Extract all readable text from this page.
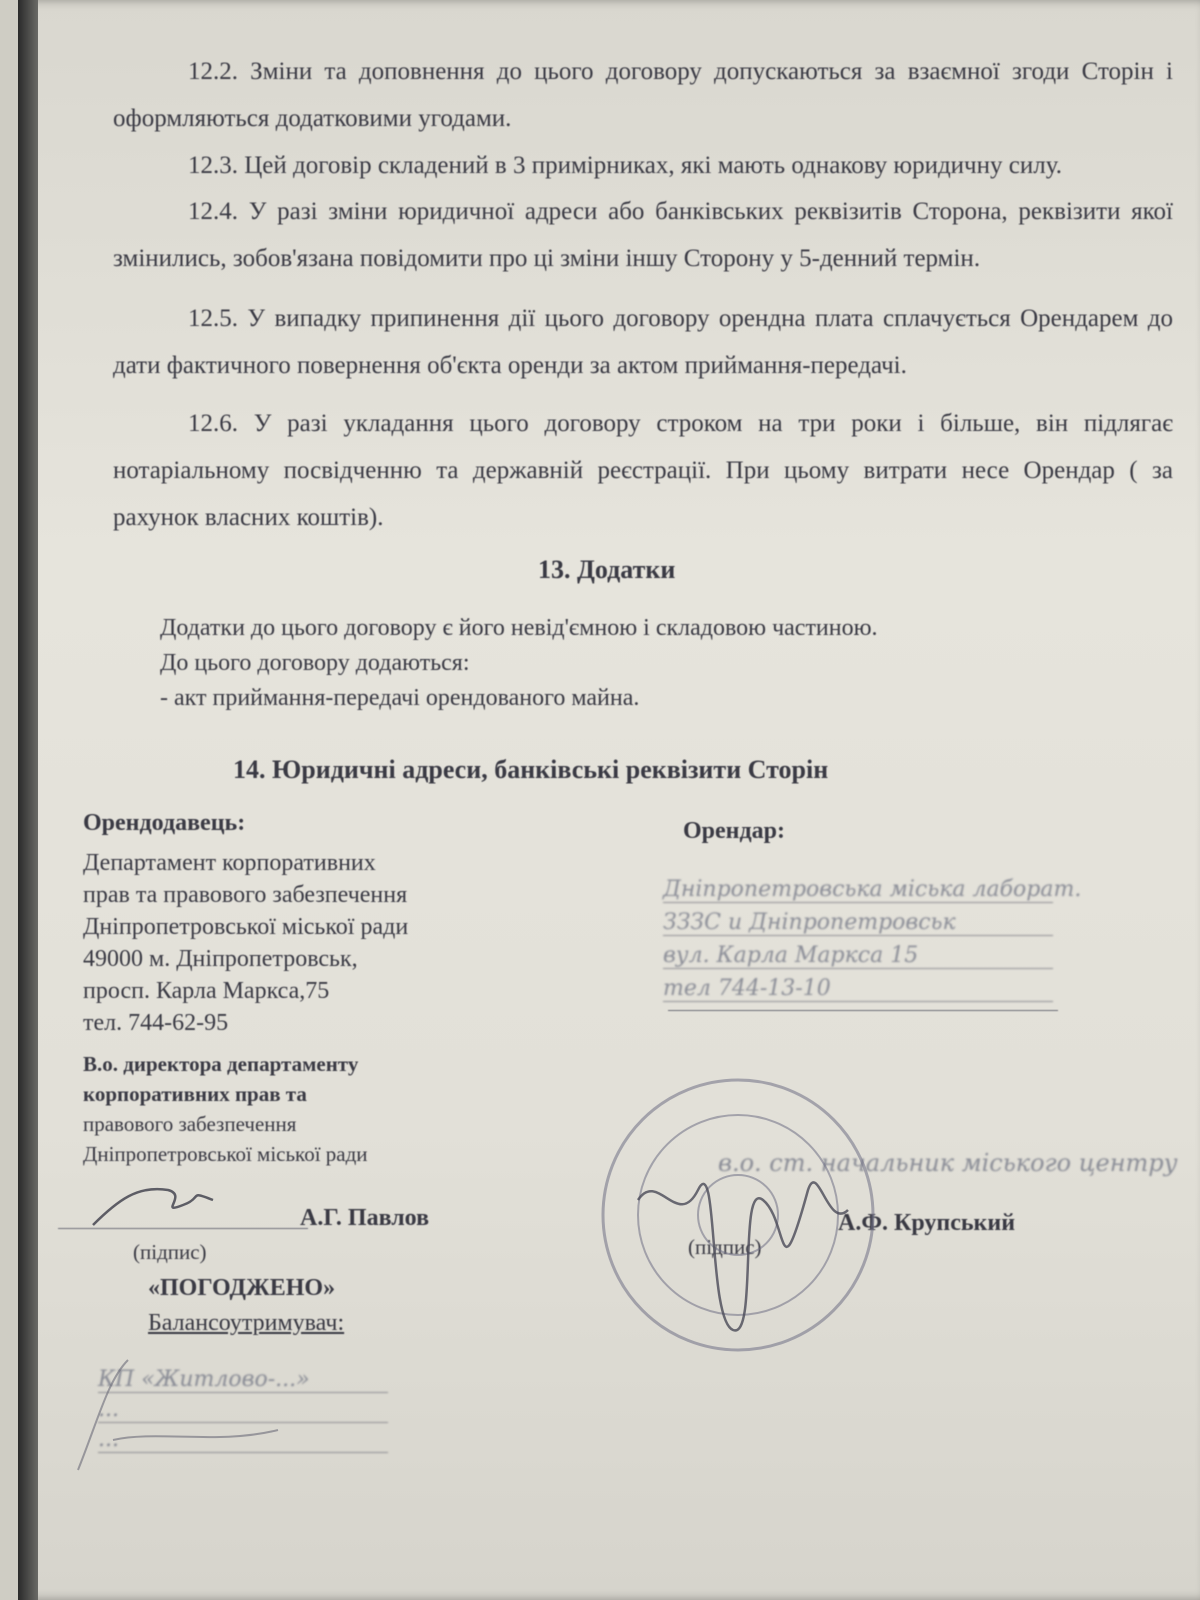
12.2. Зміни та доповнення до цього договору допускаються за взаємної згоди Сторін і оформляються додатковими угодами.

12.3. Цей договір складений в 3 примірниках, які мають однакову юридичну силу.

12.4. У разі зміни юридичної адреси або банківських реквізитів Сторона, реквізити якої змінились, зобов'язана повідомити про ці зміни іншу Сторону у 5-денний термін.

12.5. У випадку припинення дії цього договору орендна плата сплачується Орендарем до дати фактичного повернення об'єкта оренди за актом приймання-передачі.

12.6. У разі укладання цього договору строком на три роки і більше, він підлягає нотаріальному посвідченню та державній реєстрації. При цьому витрати несе Орендар ( за рахунок власних коштів).

13. Додатки

Додатки до цього договору є його невід'ємною і складовою частиною.

До цього договору додаються:

- акт приймання-передачі орендованого майна.

14. Юридичні адреси, банківські реквізити Сторін

Орендодавець:

Департамент корпоративних

прав та правового забезпечення

Дніпропетровської міської ради

49000 м. Дніпропетровськ,

просп. Карла Маркса,75

тел. 744-62-95

В.о. директора департаменту

корпоративних прав та

правового забезпечення

Дніпропетровської міської ради

А.Г. Павлов

(підпис)

«ПОГОДЖЕНО»

Балансоутримувач:

КП «Житлово-...»

...

...

Орендар:

Дніпропетровська міська лаборат.

ЗЗЗС и Дніпропетровськ

вул. Карла Маркса 15

тел 744-13-10

в.о. ст. начальник міського центру

А.Ф. Крупський

(підпис)
